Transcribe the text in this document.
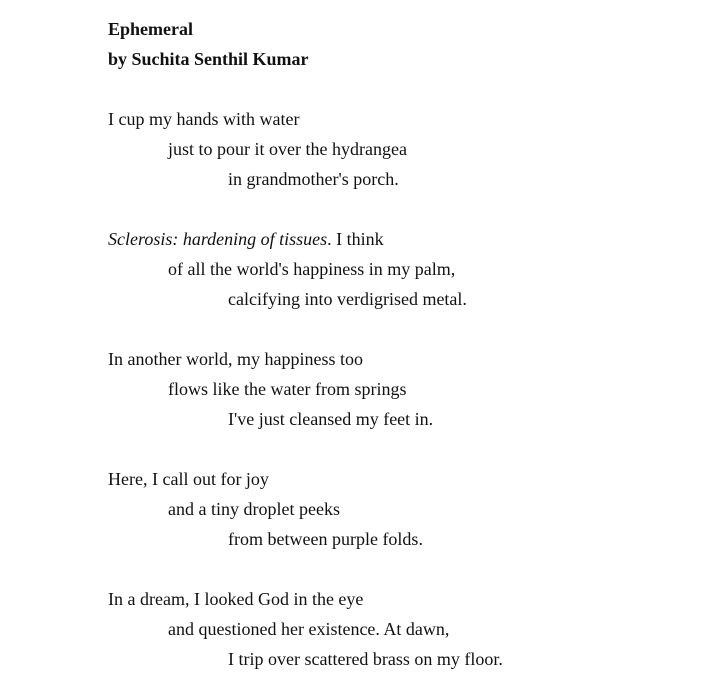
Ephemeral
by Suchita Senthil Kumar
I cup my hands with water
just to pour it over the hydrangea
in grandmother's porch.
Sclerosis: hardening of tissues. I think
of all the world's happiness in my palm,
calcifying into verdigrised metal.
In another world, my happiness too
flows like the water from springs
I've just cleansed my feet in.
Here, I call out for joy
and a tiny droplet peeks
from between purple folds.
In a dream, I looked God in the eye
and questioned her existence. At dawn,
I trip over scattered brass on my floor.
